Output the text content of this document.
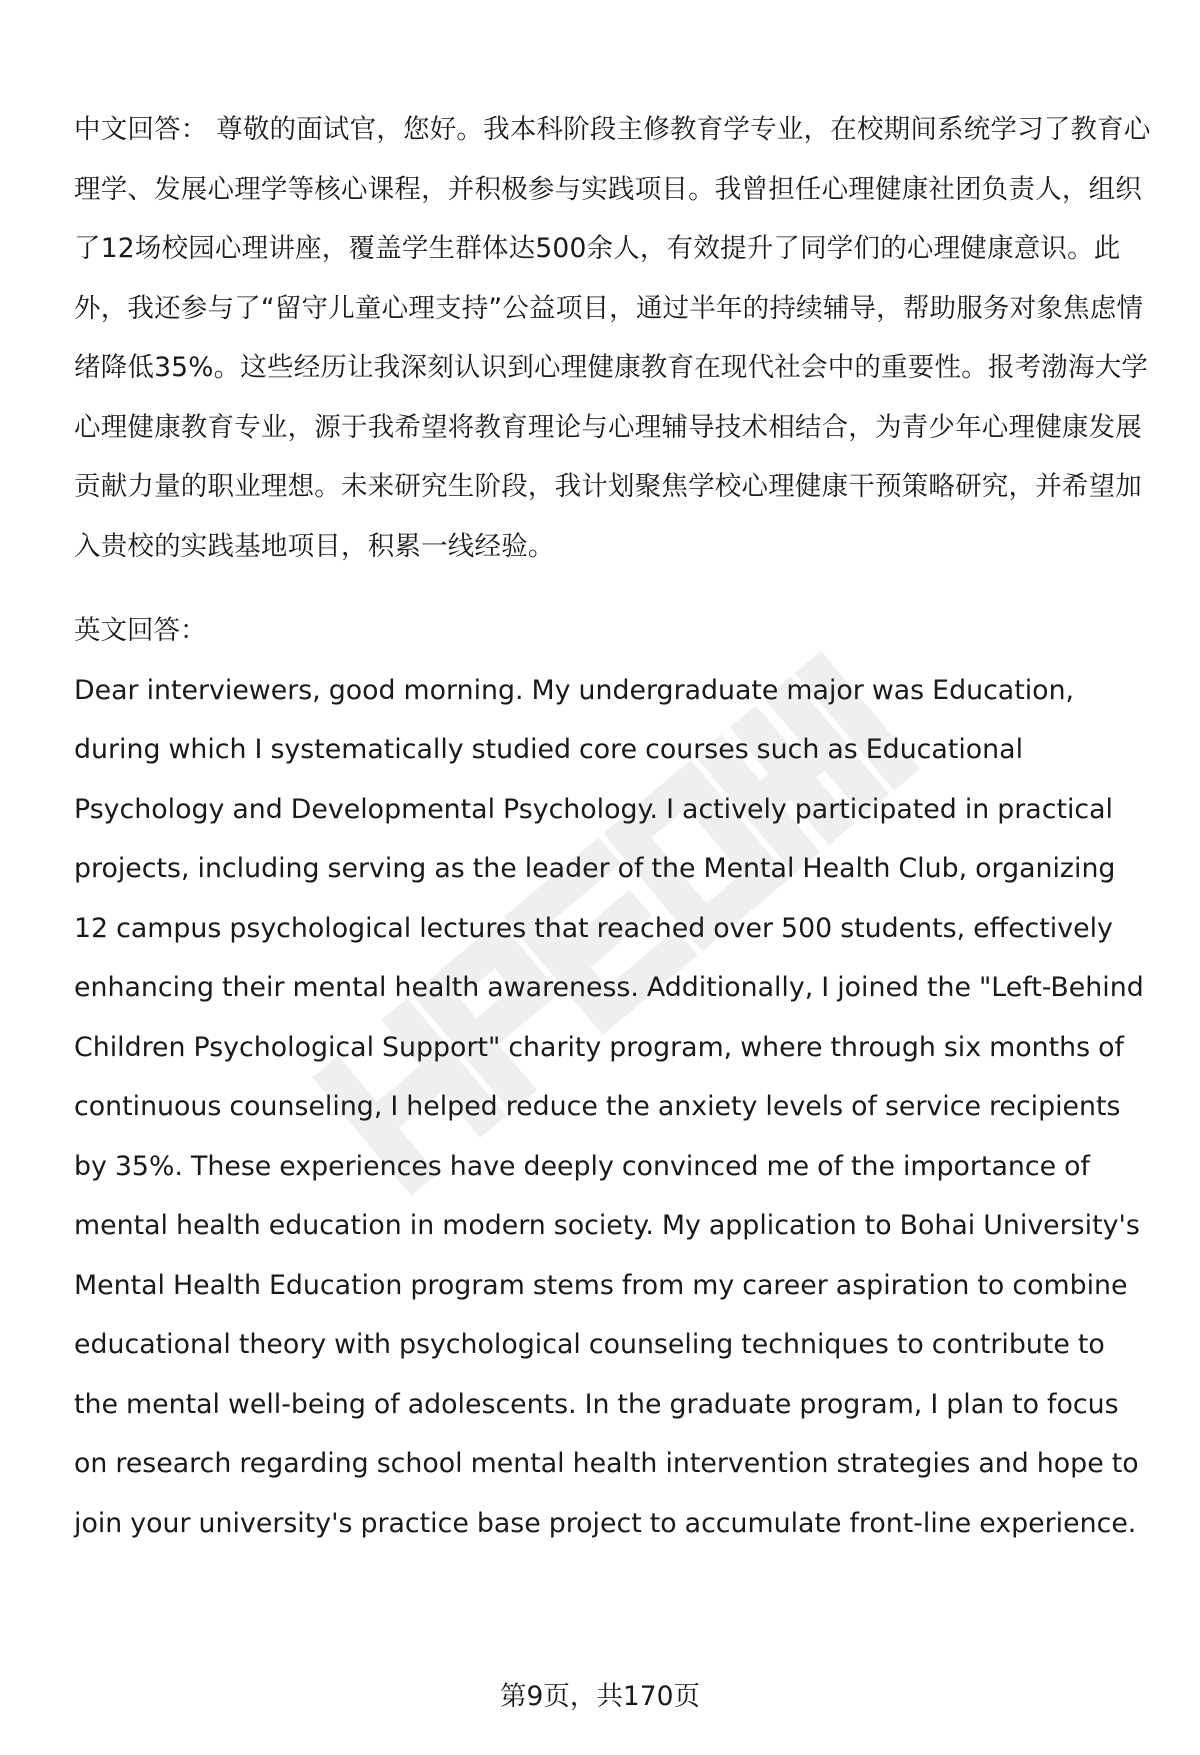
中文回答： 尊敬的面试官，您好。我本科阶段主修教育学专业，在校期间系统学习了教育心理学、发展心理学等核心课程，并积极参与实践项目。我曾担任心理健康社团负责人，组织了12场校园心理讲座，覆盖学生群体达500余人，有效提升了同学们的心理健康意识。此外，我还参与了“留守儿童心理支持”公益项目，通过半年的持续辅导，帮助服务对象焦虑情绪降低35%。这些经历让我深刻认识到心理健康教育在现代社会中的重要性。报考渤海大学心理健康教育专业，源于我希望将教育理论与心理辅导技术相结合，为青少年心理健康发展贡献力量的职业理想。未来研究生阶段，我计划聚焦学校心理健康干预策略研究，并希望加入贵校的实践基地项目，积累一线经验。

英文回答：

Dear interviewers, good morning. My undergraduate major was Education, during which I systematically studied core courses such as Educational Psychology and Developmental Psychology. I actively participated in practical projects, including serving as the leader of the Mental Health Club, organizing 12 campus psychological lectures that reached over 500 students, effectively enhancing their mental health awareness. Additionally, I joined the "Left-Behind Children Psychological Support" charity program, where through six months of continuous counseling, I helped reduce the anxiety levels of service recipients by 35%. These experiences have deeply convinced me of the importance of mental health education in modern society. My application to Bohai University's Mental Health Education program stems from my career aspiration to combine educational theory with psychological counseling techniques to contribute to the mental well-being of adolescents. In the graduate program, I plan to focus on research regarding school mental health intervention strategies and hope to join your university's practice base project to accumulate front-line experience.

第9页，共170页
